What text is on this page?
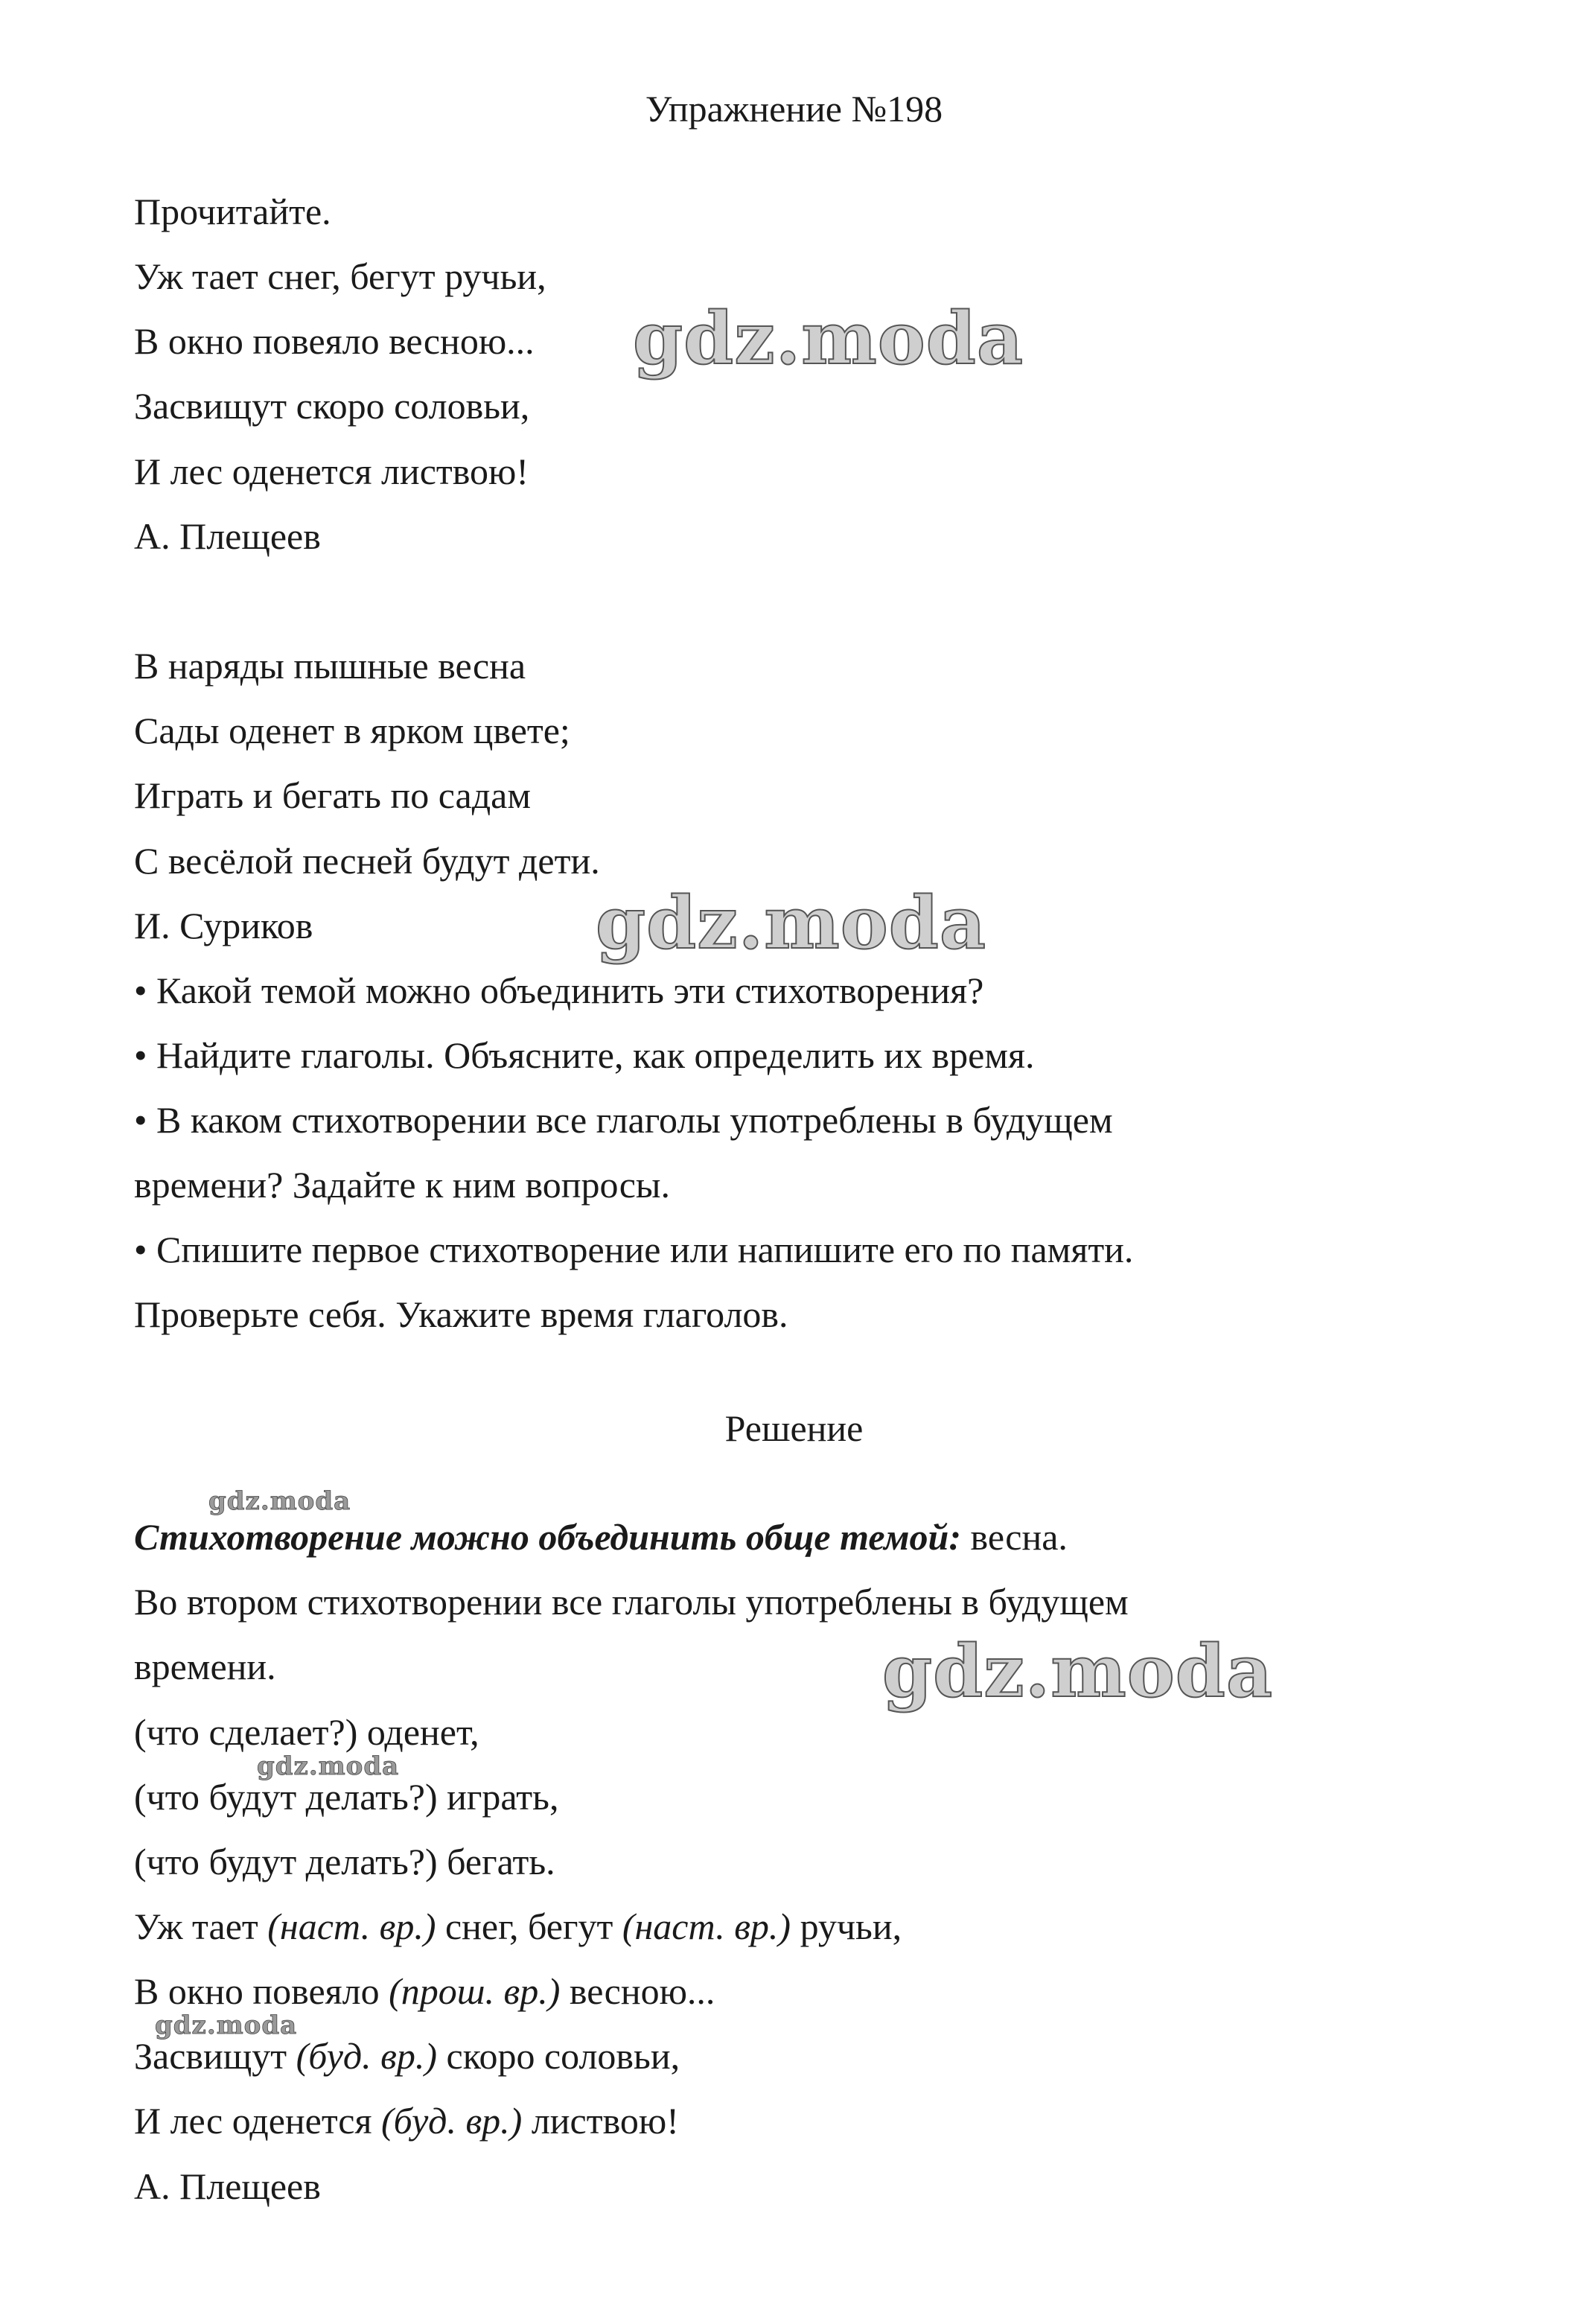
Упражнение №198
Прочитайте.
Уж тает снег, бегут ручьи,
В окно повеяло весною...
Засвищут скоро соловьи,
И лес оденется листвою!
А. Плещеев
В наряды пышные весна
Сады оденет в ярком цвете;
Играть и бегать по садам
С весёлой песней будут дети.
И. Суриков
• Какой темой можно объединить эти стихотворения?
• Найдите глаголы. Объясните, как определить их время.
• В каком стихотворении все глаголы употреблены в будущем
времени? Задайте к ним вопросы.
• Спишите первое стихотворение или напишите его по памяти.
Проверьте себя. Укажите время глаголов.
Решение
Стихотворение можно объединить обще темой: весна.
Во втором стихотворении все глаголы употреблены в будущем
времени.
(что сделает?) оденет,
(что будут делать?) играть,
(что будут делать?) бегать.
Уж тает (наст. вр.) снег, бегут (наст. вр.) ручьи,
В окно повеяло (прош. вр.) весною...
Засвищут (буд. вр.) скоро соловьи,
И лес оденется (буд. вр.) листвою!
А. Плещеев
gdz.moda
gdz.moda
gdz.moda
gdz.moda
gdz.moda
gdz.moda
